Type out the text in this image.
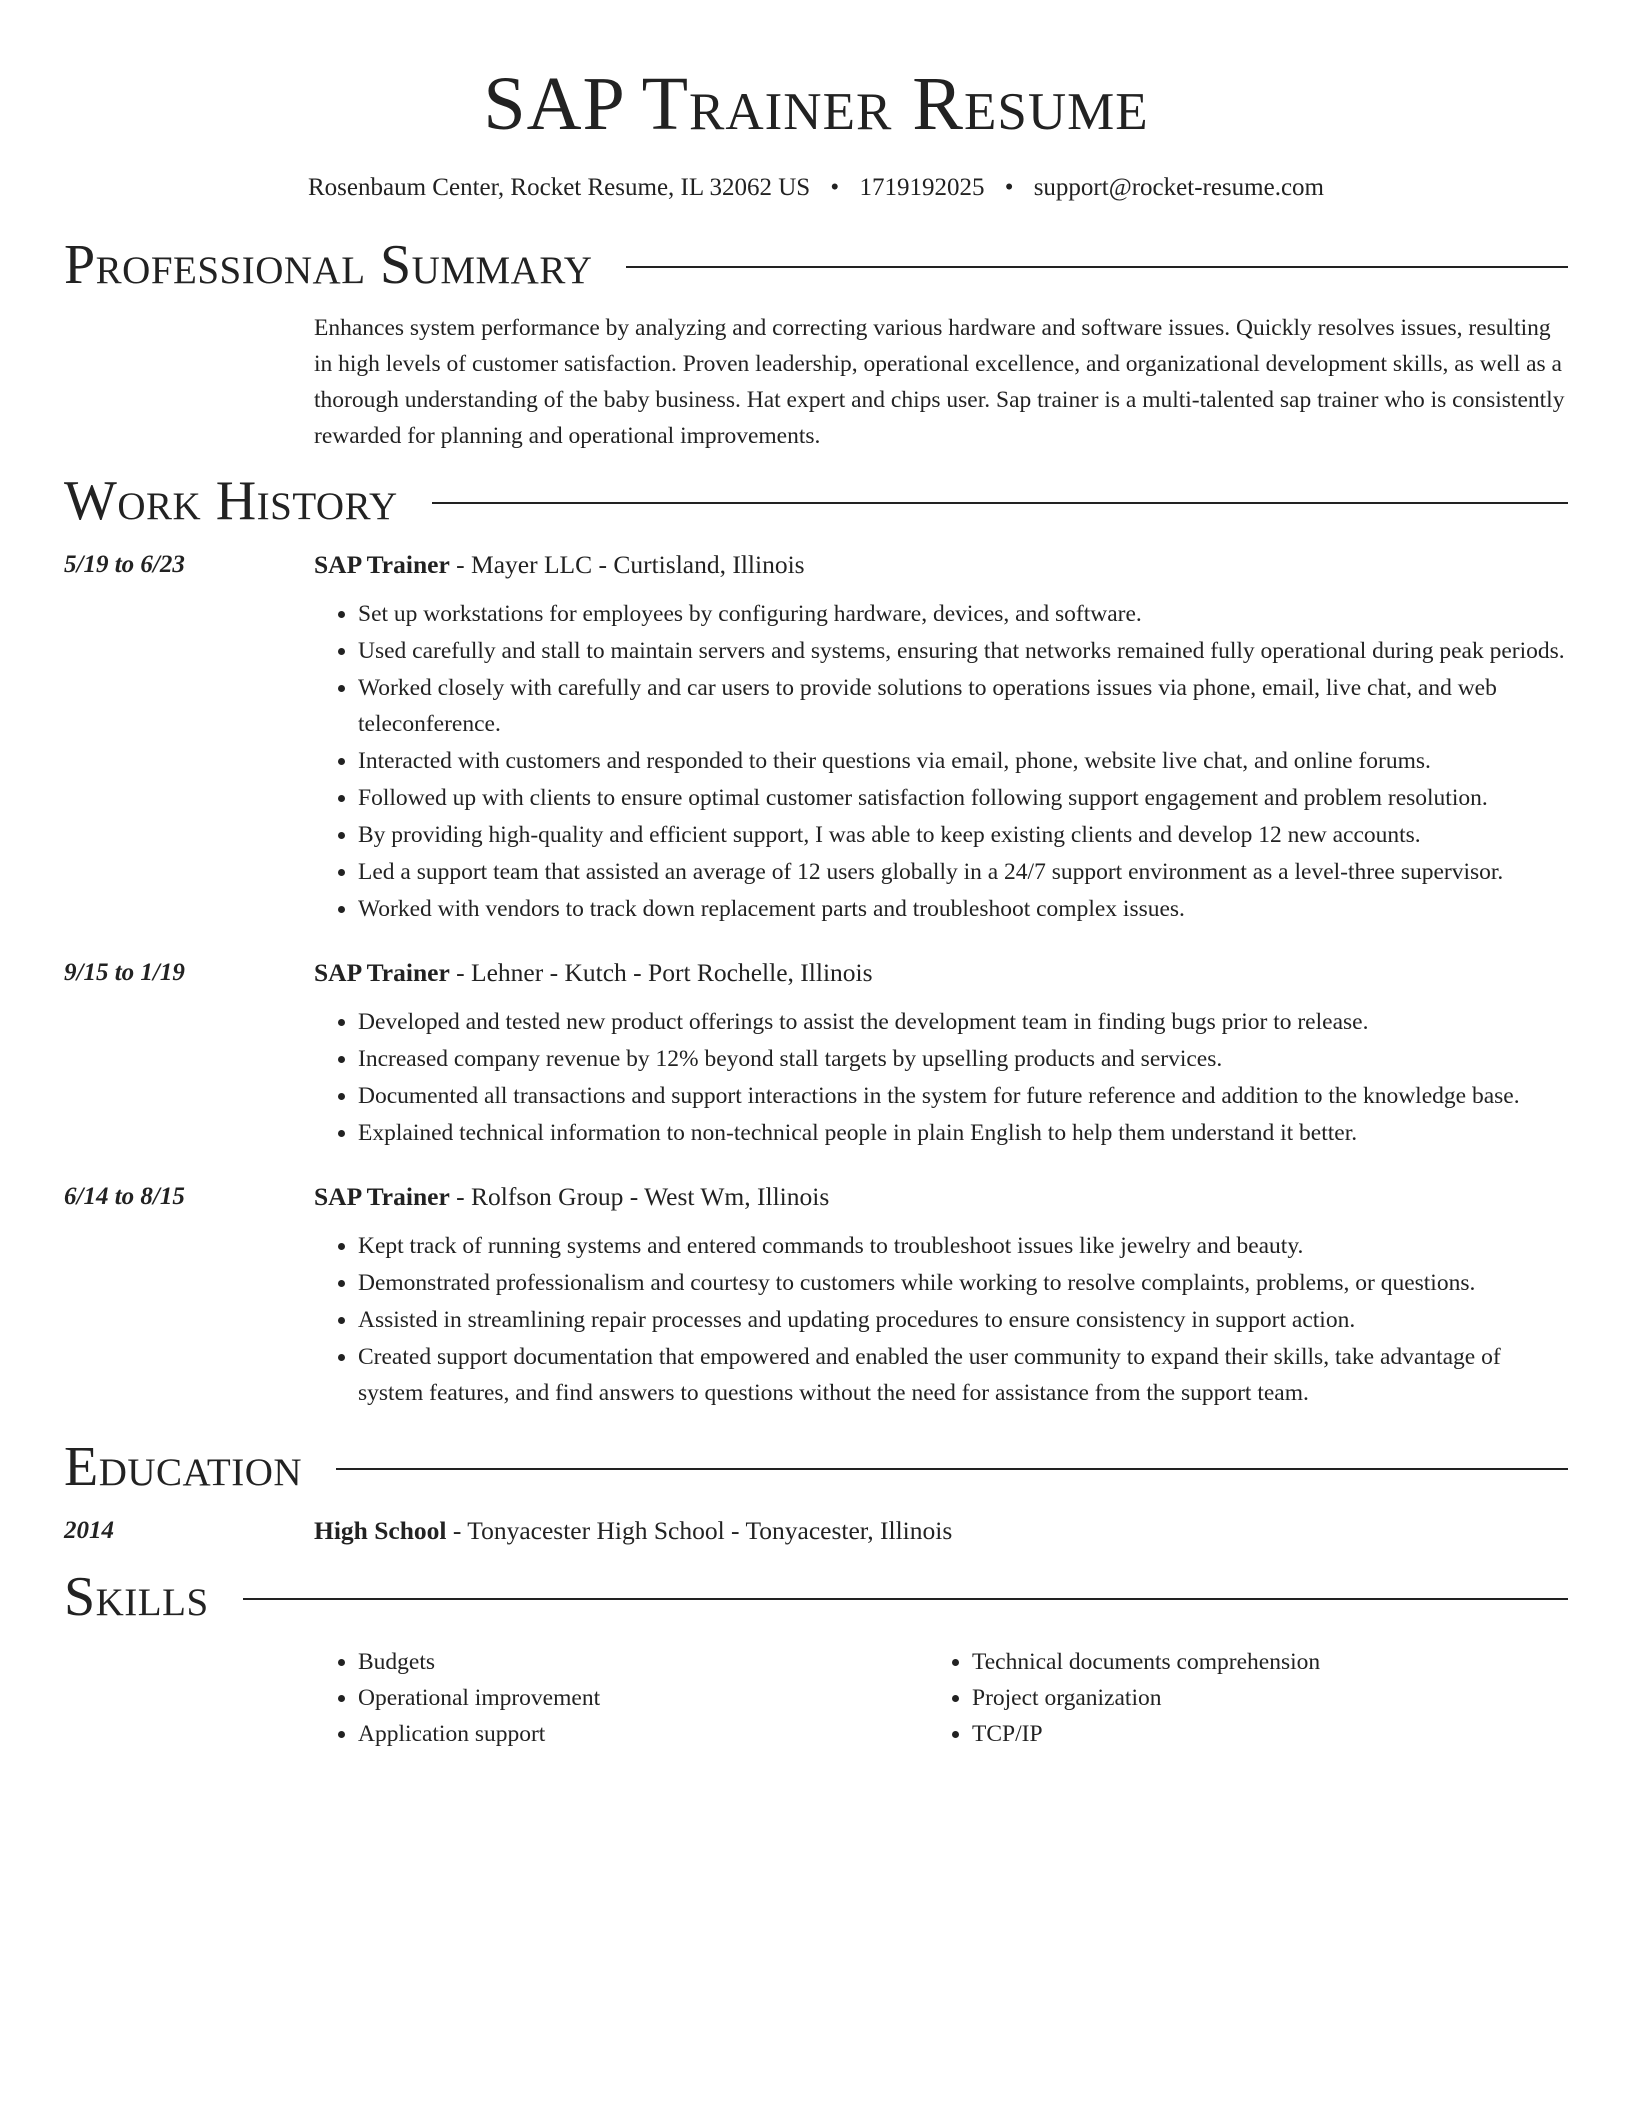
SAP Trainer Resume
Rosenbaum Center, Rocket Resume, IL 32062 US • 1719192025 • support@rocket-resume.com
Professional Summary
Enhances system performance by analyzing and correcting various hardware and software issues. Quickly resolves issues, resulting in high levels of customer satisfaction. Proven leadership, operational excellence, and organizational development skills, as well as a thorough understanding of the baby business. Hat expert and chips user. Sap trainer is a multi-talented sap trainer who is consistently rewarded for planning and operational improvements.
Work History
5/19 to 6/23	SAP Trainer - Mayer LLC - Curtisland, Illinois
• Set up workstations for employees by configuring hardware, devices, and software.
• Used carefully and stall to maintain servers and systems, ensuring that networks remained fully operational during peak periods.
• Worked closely with carefully and car users to provide solutions to operations issues via phone, email, live chat, and web teleconference.
• Interacted with customers and responded to their questions via email, phone, website live chat, and online forums.
• Followed up with clients to ensure optimal customer satisfaction following support engagement and problem resolution.
• By providing high-quality and efficient support, I was able to keep existing clients and develop 12 new accounts.
• Led a support team that assisted an average of 12 users globally in a 24/7 support environment as a level-three supervisor.
• Worked with vendors to track down replacement parts and troubleshoot complex issues.
9/15 to 1/19	SAP Trainer - Lehner - Kutch - Port Rochelle, Illinois
• Developed and tested new product offerings to assist the development team in finding bugs prior to release.
• Increased company revenue by 12% beyond stall targets by upselling products and services.
• Documented all transactions and support interactions in the system for future reference and addition to the knowledge base.
• Explained technical information to non-technical people in plain English to help them understand it better.
6/14 to 8/15	SAP Trainer - Rolfson Group - West Wm, Illinois
• Kept track of running systems and entered commands to troubleshoot issues like jewelry and beauty.
• Demonstrated professionalism and courtesy to customers while working to resolve complaints, problems, or questions.
• Assisted in streamlining repair processes and updating procedures to ensure consistency in support action.
• Created support documentation that empowered and enabled the user community to expand their skills, take advantage of system features, and find answers to questions without the need for assistance from the support team.
Education
2014	High School - Tonyacester High School - Tonyacester, Illinois
Skills
• Budgets
• Operational improvement
• Application support
• Technical documents comprehension
• Project organization
• TCP/IP
